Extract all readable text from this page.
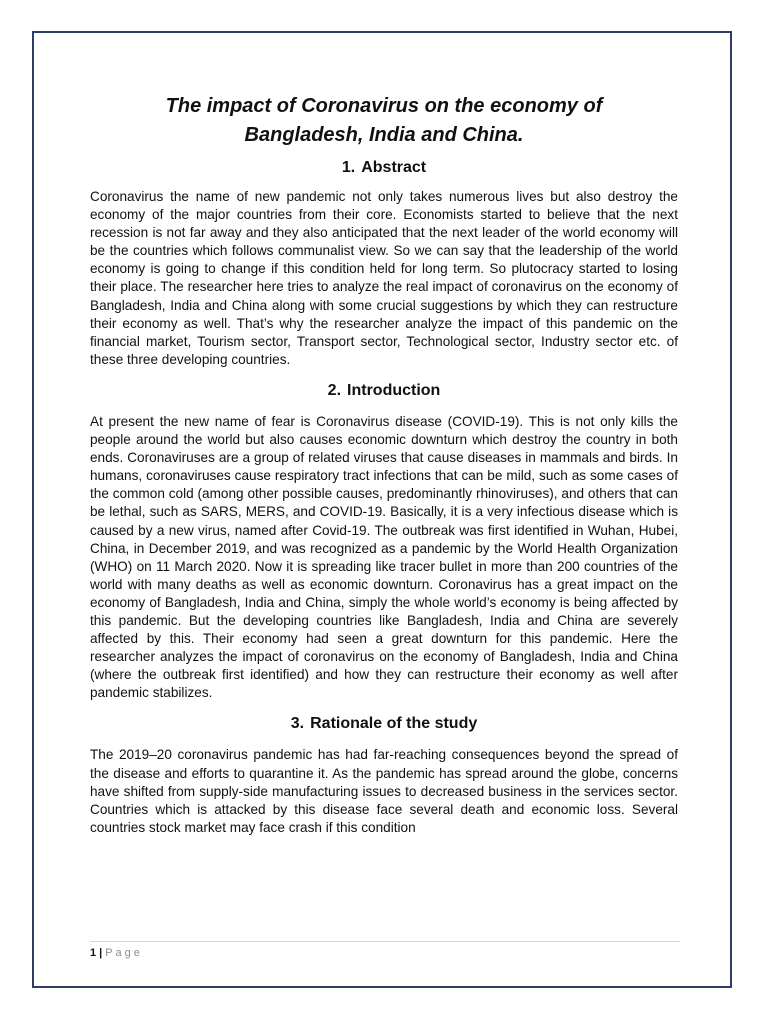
The impact of Coronavirus on the economy of
Bangladesh, India and China.
1. Abstract

Coronavirus the name of new pandemic not only takes numerous lives but also destroy the economy of the major countries from their core. Economists started to believe that the next recession is not far away and they also anticipated that the next leader of the world economy will be the countries which follows communalist view. So we can say that the leadership of the world economy is going to change if this condition held for long term. So plutocracy started to losing their place. The researcher here tries to analyze the real impact of coronavirus on the economy of Bangladesh, India and China along with some crucial suggestions by which they can restructure their economy as well. That’s why the researcher analyze the impact of this pandemic on the financial market, Tourism sector, Transport sector, Technological sector, Industry sector etc. of these three developing countries.

2. Introduction

At present the new name of fear is Coronavirus disease (COVID-19). This is not only kills the people around the world but also causes economic downturn which destroy the country in both ends. Coronaviruses are a group of related viruses that cause diseases in mammals and birds. In humans, coronaviruses cause respiratory tract infections that can be mild, such as some cases of the common cold (among other possible causes, predominantly rhinoviruses), and others that can be lethal, such as SARS, MERS, and COVID-19. Basically, it is a very infectious disease which is caused by a new virus, named after Covid-19. The outbreak was first identified in Wuhan, Hubei, China, in December 2019, and was recognized as a pandemic by the World Health Organization (WHO) on 11 March 2020. Now it is spreading like tracer bullet in more than 200 countries of the world with many deaths as well as economic downturn. Coronavirus has a great impact on the economy of Bangladesh, India and China, simply the whole world’s economy is being affected by this pandemic. But the developing countries like Bangladesh, India and China are severely affected by this. Their economy had seen a great downturn for this pandemic. Here the researcher analyzes the impact of coronavirus on the economy of Bangladesh, India and China (where the outbreak first identified) and how they can restructure their economy as well after pandemic stabilizes.

3. Rationale of the study

The 2019–20 coronavirus pandemic has had far-reaching consequences beyond the spread of the disease and efforts to quarantine it. As the pandemic has spread around the globe, concerns have shifted from supply-side manufacturing issues to decreased business in the services sector. Countries which is attacked by this disease face several death and economic loss. Several countries stock market may face crash if this condition

1 | Page
